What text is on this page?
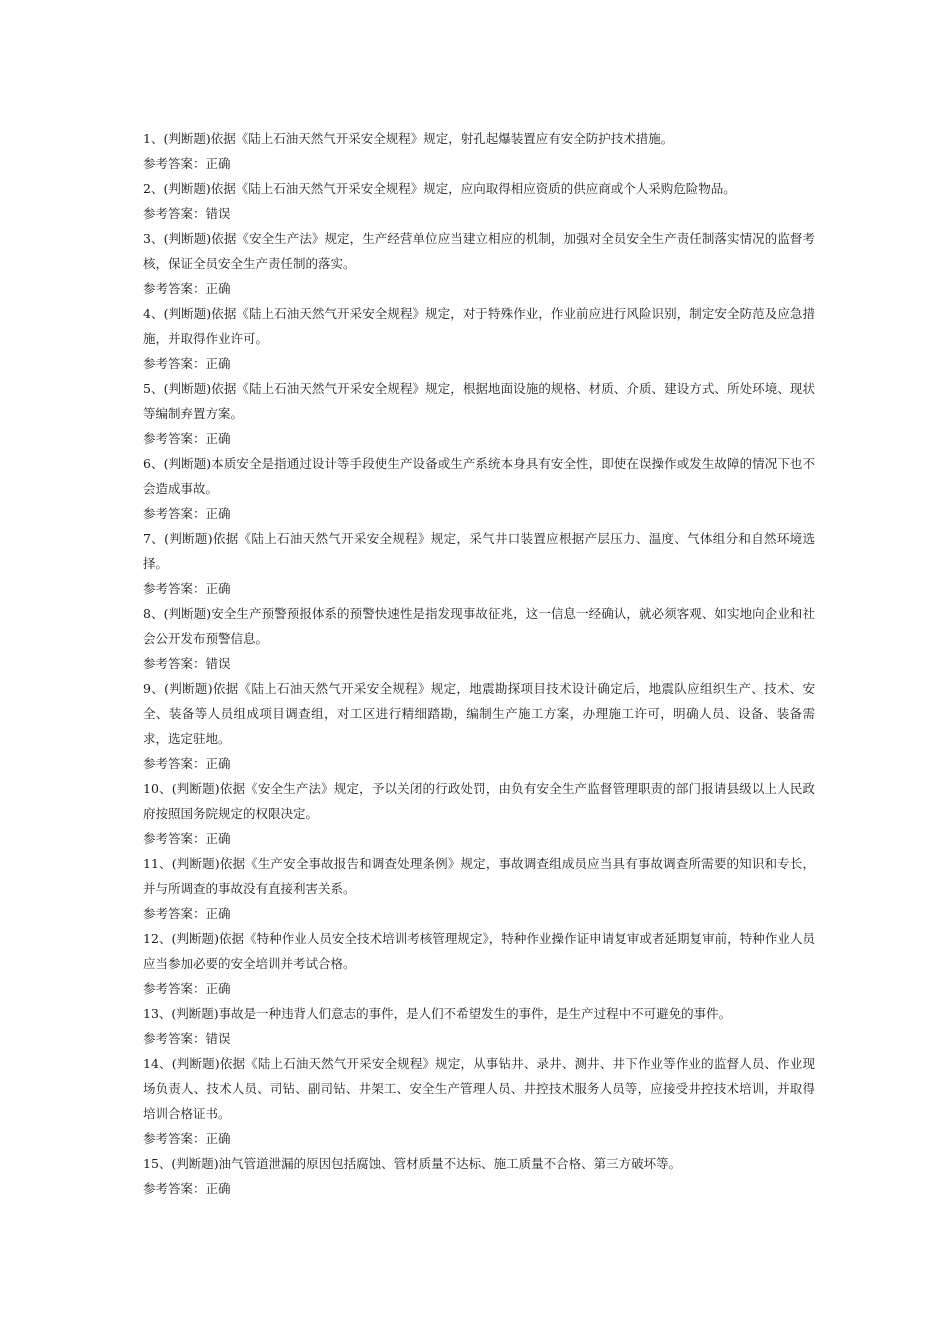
1、(判断题)依据《陆上石油天然气开采安全规程》规定，射孔起爆装置应有安全防护技术措施。

参考答案：正确

2、(判断题)依据《陆上石油天然气开采安全规程》规定，应向取得相应资质的供应商或个人采购危险物品。

参考答案：错误

3、(判断题)依据《安全生产法》规定，生产经营单位应当建立相应的机制，加强对全员安全生产责任制落实情况的监督考核，保证全员安全生产责任制的落实。

参考答案：正确

4、(判断题)依据《陆上石油天然气开采安全规程》规定，对于特殊作业，作业前应进行风险识别，制定安全防范及应急措施，并取得作业许可。

参考答案：正确

5、(判断题)依据《陆上石油天然气开采安全规程》规定，根据地面设施的规格、材质、介质、建设方式、所处环境、现状等编制弃置方案。

参考答案：正确

6、(判断题)本质安全是指通过设计等手段使生产设备或生产系统本身具有安全性，即使在误操作或发生故障的情况下也不会造成事故。

参考答案：正确

7、(判断题)依据《陆上石油天然气开采安全规程》规定，采气井口装置应根据产层压力、温度、气体组分和自然环境选择。

参考答案：正确

8、(判断题)安全生产预警预报体系的预警快速性是指发现事故征兆，这一信息一经确认，就必须客观、如实地向企业和社会公开发布预警信息。

参考答案：错误

9、(判断题)依据《陆上石油天然气开采安全规程》规定，地震勘探项目技术设计确定后，地震队应组织生产、技术、安全、装备等人员组成项目调查组，对工区进行精细踏勘，编制生产施工方案，办理施工许可，明确人员、设备、装备需求，选定驻地。

参考答案：正确

10、(判断题)依据《安全生产法》规定，予以关闭的行政处罚，由负有安全生产监督管理职责的部门报请县级以上人民政府按照国务院规定的权限决定。

参考答案：正确

11、(判断题)依据《生产安全事故报告和调查处理条例》规定，事故调查组成员应当具有事故调查所需要的知识和专长，并与所调查的事故没有直接利害关系。

参考答案：正确

12、(判断题)依据《特种作业人员安全技术培训考核管理规定》，特种作业操作证申请复审或者延期复审前，特种作业人员应当参加必要的安全培训并考试合格。

参考答案：正确

13、(判断题)事故是一种违背人们意志的事件，是人们不希望发生的事件，是生产过程中不可避免的事件。

参考答案：错误

14、(判断题)依据《陆上石油天然气开采安全规程》规定，从事钻井、录井、测井、井下作业等作业的监督人员、作业现场负责人、技术人员、司钻、副司钻、井架工、安全生产管理人员、井控技术服务人员等，应接受井控技术培训，并取得培训合格证书。

参考答案：正确

15、(判断题)油气管道泄漏的原因包括腐蚀、管材质量不达标、施工质量不合格、第三方破坏等。

参考答案：正确
